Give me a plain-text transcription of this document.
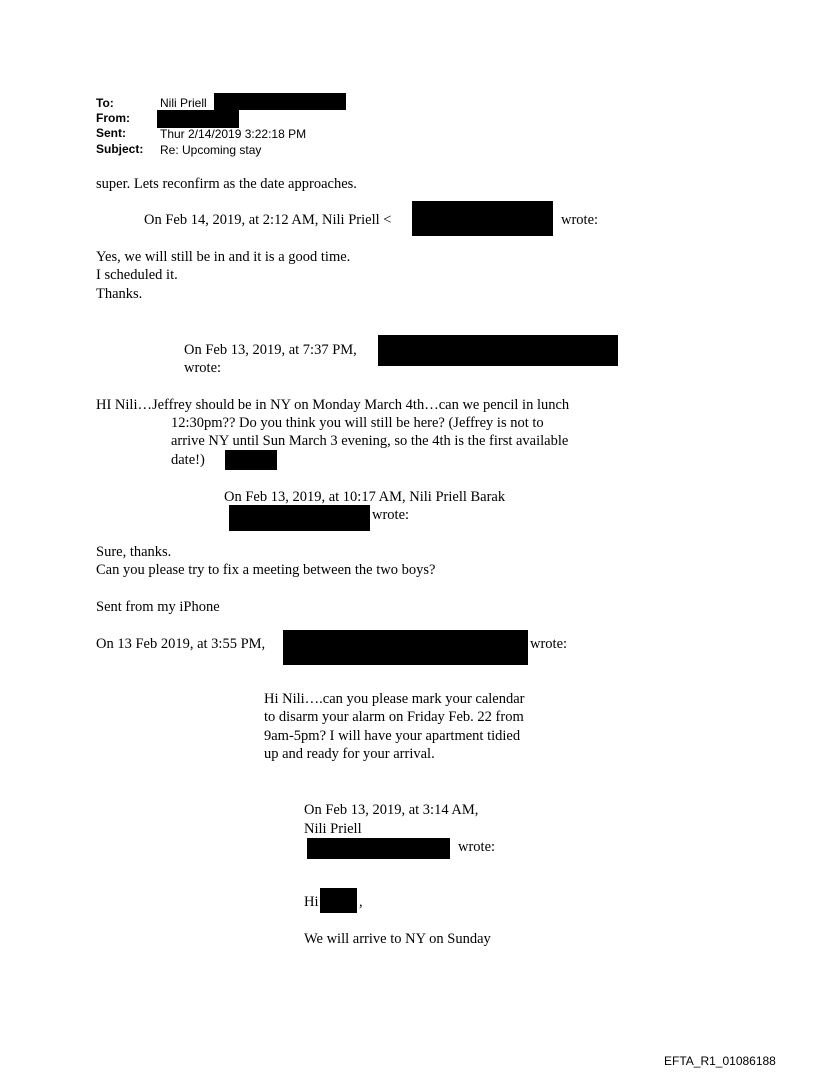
To:	Nili Priell
From:
Sent:	Thur 2/14/2019 3:22:18 PM
Subject: Re: Upcoming stay
super. Lets reconfirm as the date approaches.
On Feb 14, 2019, at 2:12 AM, Nili Priell <	wrote:
Yes, we will still be in and it is a good time.
I scheduled it.
Thanks.
On Feb 13, 2019, at 7:37 PM,
wrote:
HI Nili…Jeffrey should be in NY on Monday March 4th…can we pencil in lunch
12:30pm?? Do you think you will still be here? (Jeffrey is not to
arrive NY until Sun March 3 evening, so the 4th is the first available
date!)
On Feb 13, 2019, at 10:17 AM, Nili Priell Barak
wrote:
Sure, thanks.
Can you please try to fix a meeting between the two boys?
Sent from my iPhone
On 13 Feb 2019, at 3:55 PM,	wrote:
Hi Nili….can you please mark your calendar
to disarm your alarm on Friday Feb. 22 from
9am-5pm? I will have your apartment tidied
up and ready for your arrival.
On Feb 13, 2019, at 3:14 AM,
Nili Priell
wrote:
Hi	,
We will arrive to NY on Sunday
EFTA_R1_01086188
